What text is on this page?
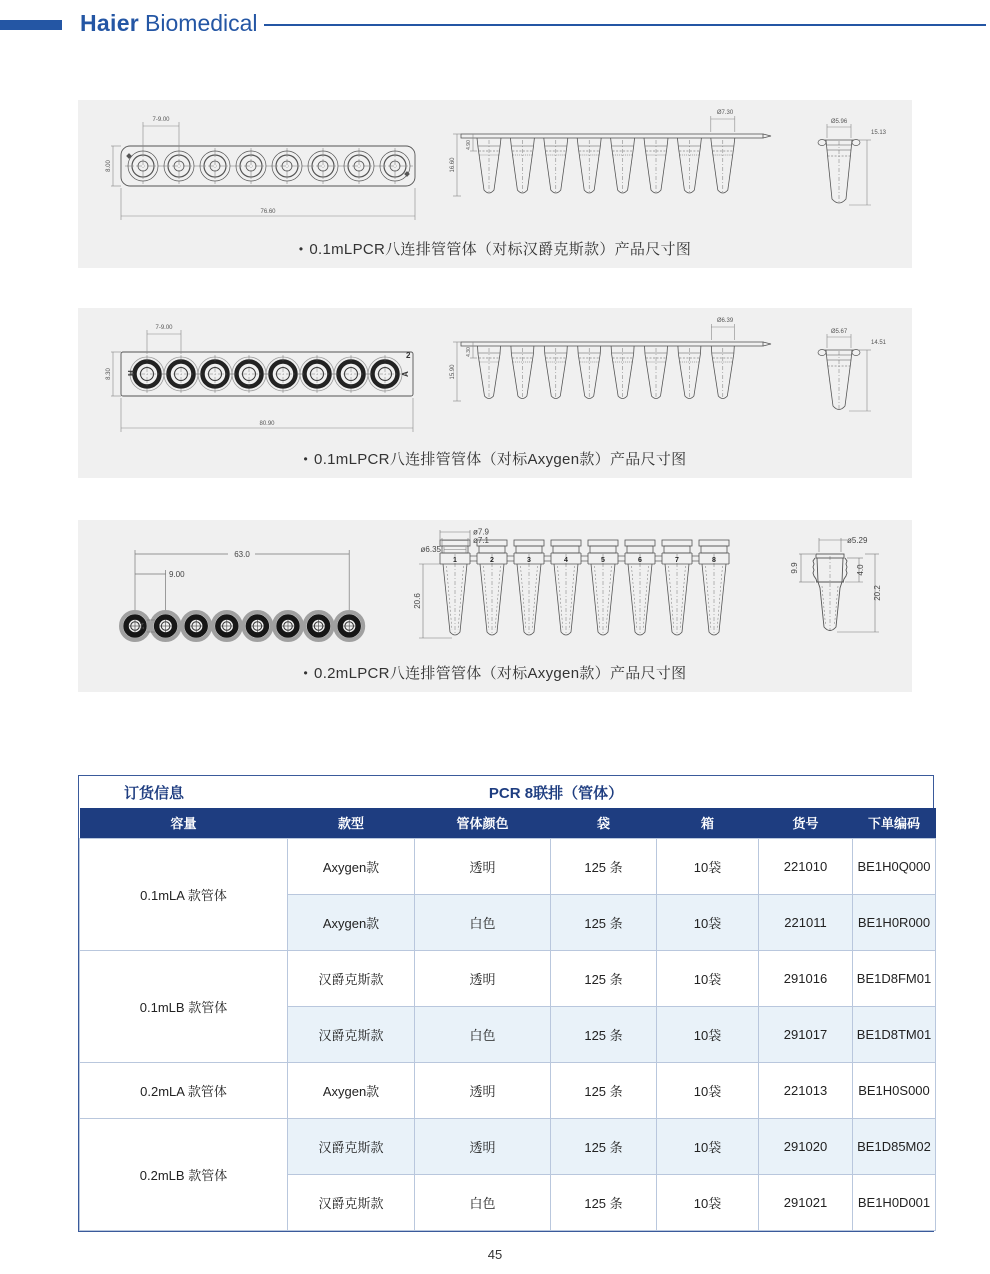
Haier Biomedical
7-9.00
8.00
76.60
16.60
4.90
Ø7.30
Ø5.96
15.13
• 0.1mLPCR八连排管管体（对标汉爵克斯款）产品尺寸图
H	A
2
7-9.00
8.30
80.90
15.90
4.30
Ø6.39
Ø5.67
14.51
• 0.1mLPCR八连排管管体（对标Axygen款）产品尺寸图
63.0
9.00
1.4
1	2	3	4	5	6	7	8
ø7.9
ø7.1
ø6.35
20.6
ø5.29
9.9	4.0
20.2
• 0.2mLPCR八连排管管体（对标Axygen款）产品尺寸图
订货信息	PCR 8联排（管体）
容量	款型	管体颜色	袋	箱	货号	下单编码
0.1mLA 款管体	Axygen款	透明	125 条	10袋	221010	BE1H0Q000
	Axygen款	白色	125 条	10袋	221011	BE1H0R000
0.1mLB 款管体	汉爵克斯款	透明	125 条	10袋	291016	BE1D8FM01
	汉爵克斯款	白色	125 条	10袋	291017	BE1D8TM01
0.2mLA 款管体	Axygen款	透明	125 条	10袋	221013	BE1H0S000
0.2mLB 款管体	汉爵克斯款	透明	125 条	10袋	291020	BE1D85M02
	汉爵克斯款	白色	125 条	10袋	291021	BE1H0D001
45
